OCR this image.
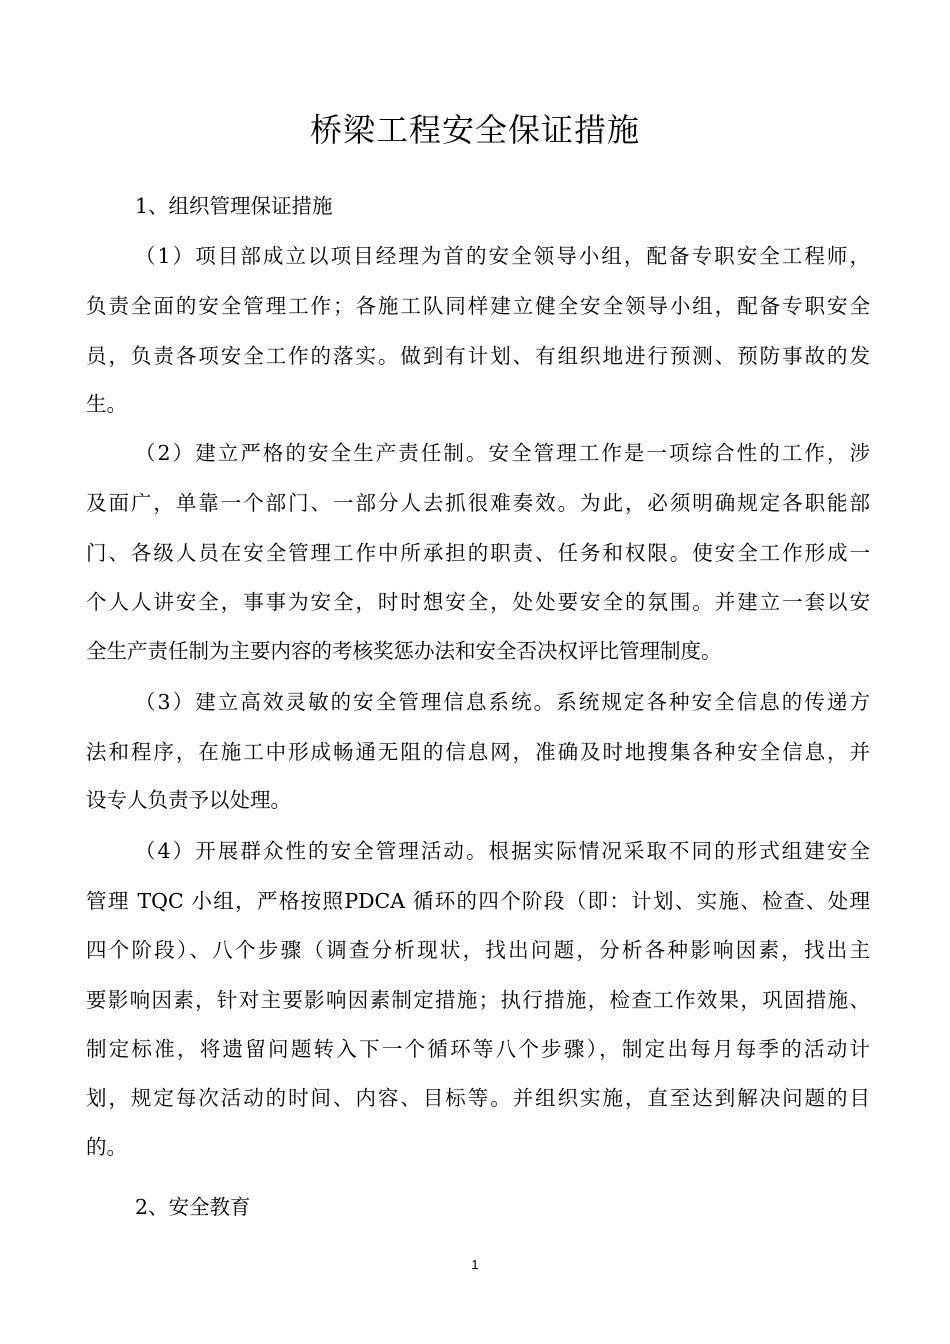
桥梁工程安全保证措施

1、组织管理保证措施

（1）项目部成立以项目经理为首的安全领导小组，配备专职安全工程师，

负责全面的安全管理工作；各施工队同样建立健全安全领导小组，配备专职安全

员，负责各项安全工作的落实。做到有计划、有组织地进行预测、预防事故的发

生。

（2）建立严格的安全生产责任制。安全管理工作是一项综合性的工作，涉

及面广，单靠一个部门、一部分人去抓很难奏效。为此，必须明确规定各职能部

门、各级人员在安全管理工作中所承担的职责、任务和权限。使安全工作形成一

个人人讲安全，事事为安全，时时想安全，处处要安全的氛围。并建立一套以安

全生产责任制为主要内容的考核奖惩办法和安全否决权评比管理制度。

（3）建立高效灵敏的安全管理信息系统。系统规定各种安全信息的传递方

法和程序，在施工中形成畅通无阻的信息网，准确及时地搜集各种安全信息，并

设专人负责予以处理。

（4）开展群众性的安全管理活动。根据实际情况采取不同的形式组建安全

管理 TQC 小组，严格按照PDCA 循环的四个阶段（即：计划、实施、检查、处理

四个阶段）、八个步骤（调查分析现状，找出问题，分析各种影响因素，找出主

要影响因素，针对主要影响因素制定措施；执行措施，检查工作效果，巩固措施、

制定标准，将遗留问题转入下一个循环等八个步骤），制定出每月每季的活动计

划，规定每次活动的时间、内容、目标等。并组织实施，直至达到解决问题的目

的。

2、安全教育

1
